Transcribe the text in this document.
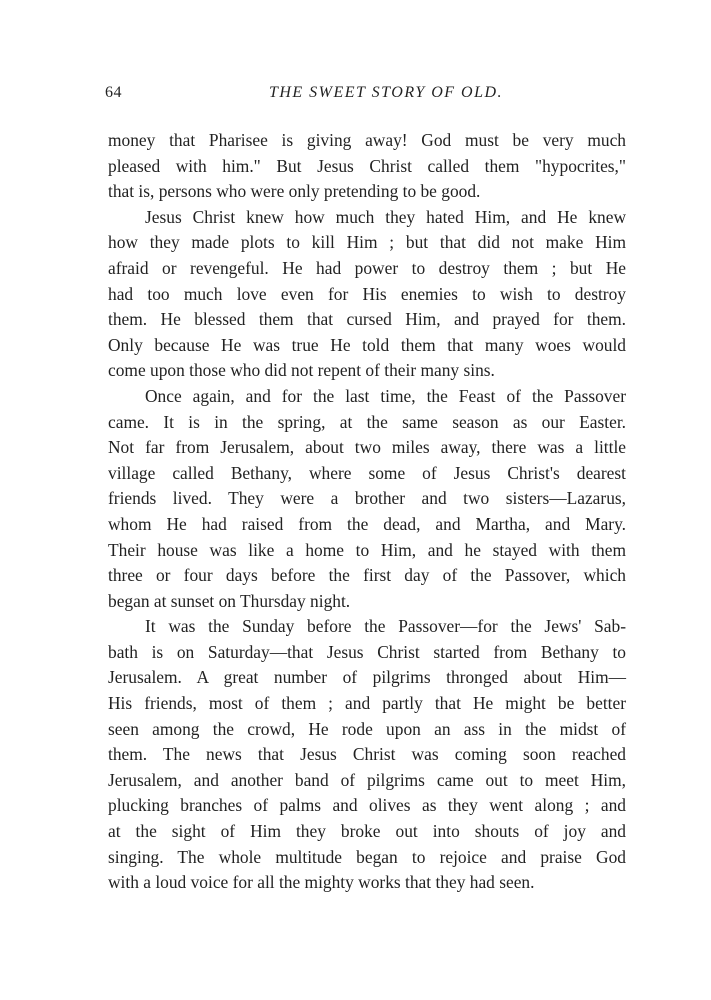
64	THE SWEET STORY OF OLD.

money that Pharisee is giving away! God must be very much

pleased with him." But Jesus Christ called them "hypocrites,"

that is, persons who were only pretending to be good.

Jesus Christ knew how much they hated Him, and He knew

how they made plots to kill Him ; but that did not make Him

afraid or revengeful. He had power to destroy them ; but He

had too much love even for His enemies to wish to destroy

them. He blessed them that cursed Him, and prayed for them.

Only because He was true He told them that many woes would

come upon those who did not repent of their many sins.

Once again, and for the last time, the Feast of the Passover

came. It is in the spring, at the same season as our Easter.

Not far from Jerusalem, about two miles away, there was a little

village called Bethany, where some of Jesus Christ's dearest

friends lived. They were a brother and two sisters—Lazarus,

whom He had raised from the dead, and Martha, and Mary.

Their house was like a home to Him, and he stayed with them

three or four days before the first day of the Passover, which

began at sunset on Thursday night.

It was the Sunday before the Passover—for the Jews' Sab-

bath is on Saturday—that Jesus Christ started from Bethany to

Jerusalem. A great number of pilgrims thronged about Him—

His friends, most of them ; and partly that He might be better

seen among the crowd, He rode upon an ass in the midst of

them. The news that Jesus Christ was coming soon reached

Jerusalem, and another band of pilgrims came out to meet Him,

plucking branches of palms and olives as they went along ; and

at the sight of Him they broke out into shouts of joy and

singing. The whole multitude began to rejoice and praise God

with a loud voice for all the mighty works that they had seen.
